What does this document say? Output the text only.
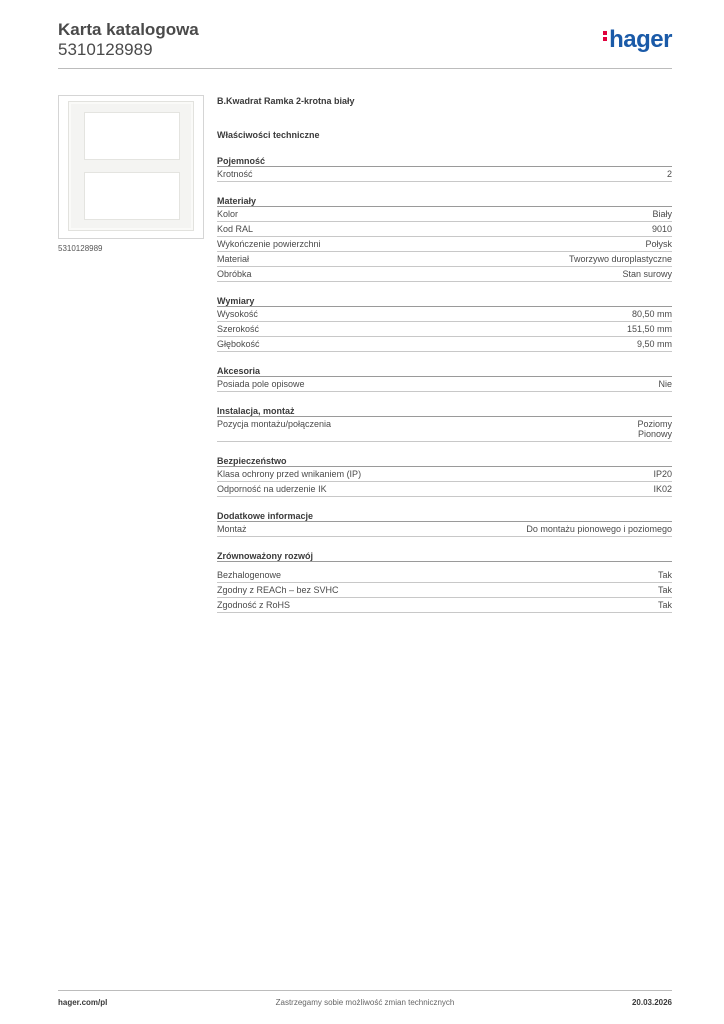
Karta katalogowa
5310128989	hager
5310128989
B.Kwadrat Ramka 2-krotna biały
Właściwości techniczne
Pojemność
Krotność	2
Materiały
Kolor	Biały
Kod RAL	9010
Wykończenie powierzchni	Połysk
Materiał	Tworzywo duroplastyczne
Obróbka	Stan surowy
Wymiary
Wysokość	80,50 mm
Szerokość	151,50 mm
Głębokość	9,50 mm
Akcesoria
Posiada pole opisowe	Nie
Instalacja, montaż
Pozycja montażu/połączenia	Poziomy
Pionowy
Bezpieczeństwo
Klasa ochrony przed wnikaniem (IP)	IP20
Odporność na uderzenie IK	IK02
Dodatkowe informacje
Montaż	Do montażu pionowego i poziomego
Zrównoważony rozwój
Bezhalogenowe	Tak
Zgodny z REACh – bez SVHC	Tak
Zgodność z RoHS	Tak
hager.com/pl	Zastrzegamy sobie możliwość zmian technicznych	20.03.2026
